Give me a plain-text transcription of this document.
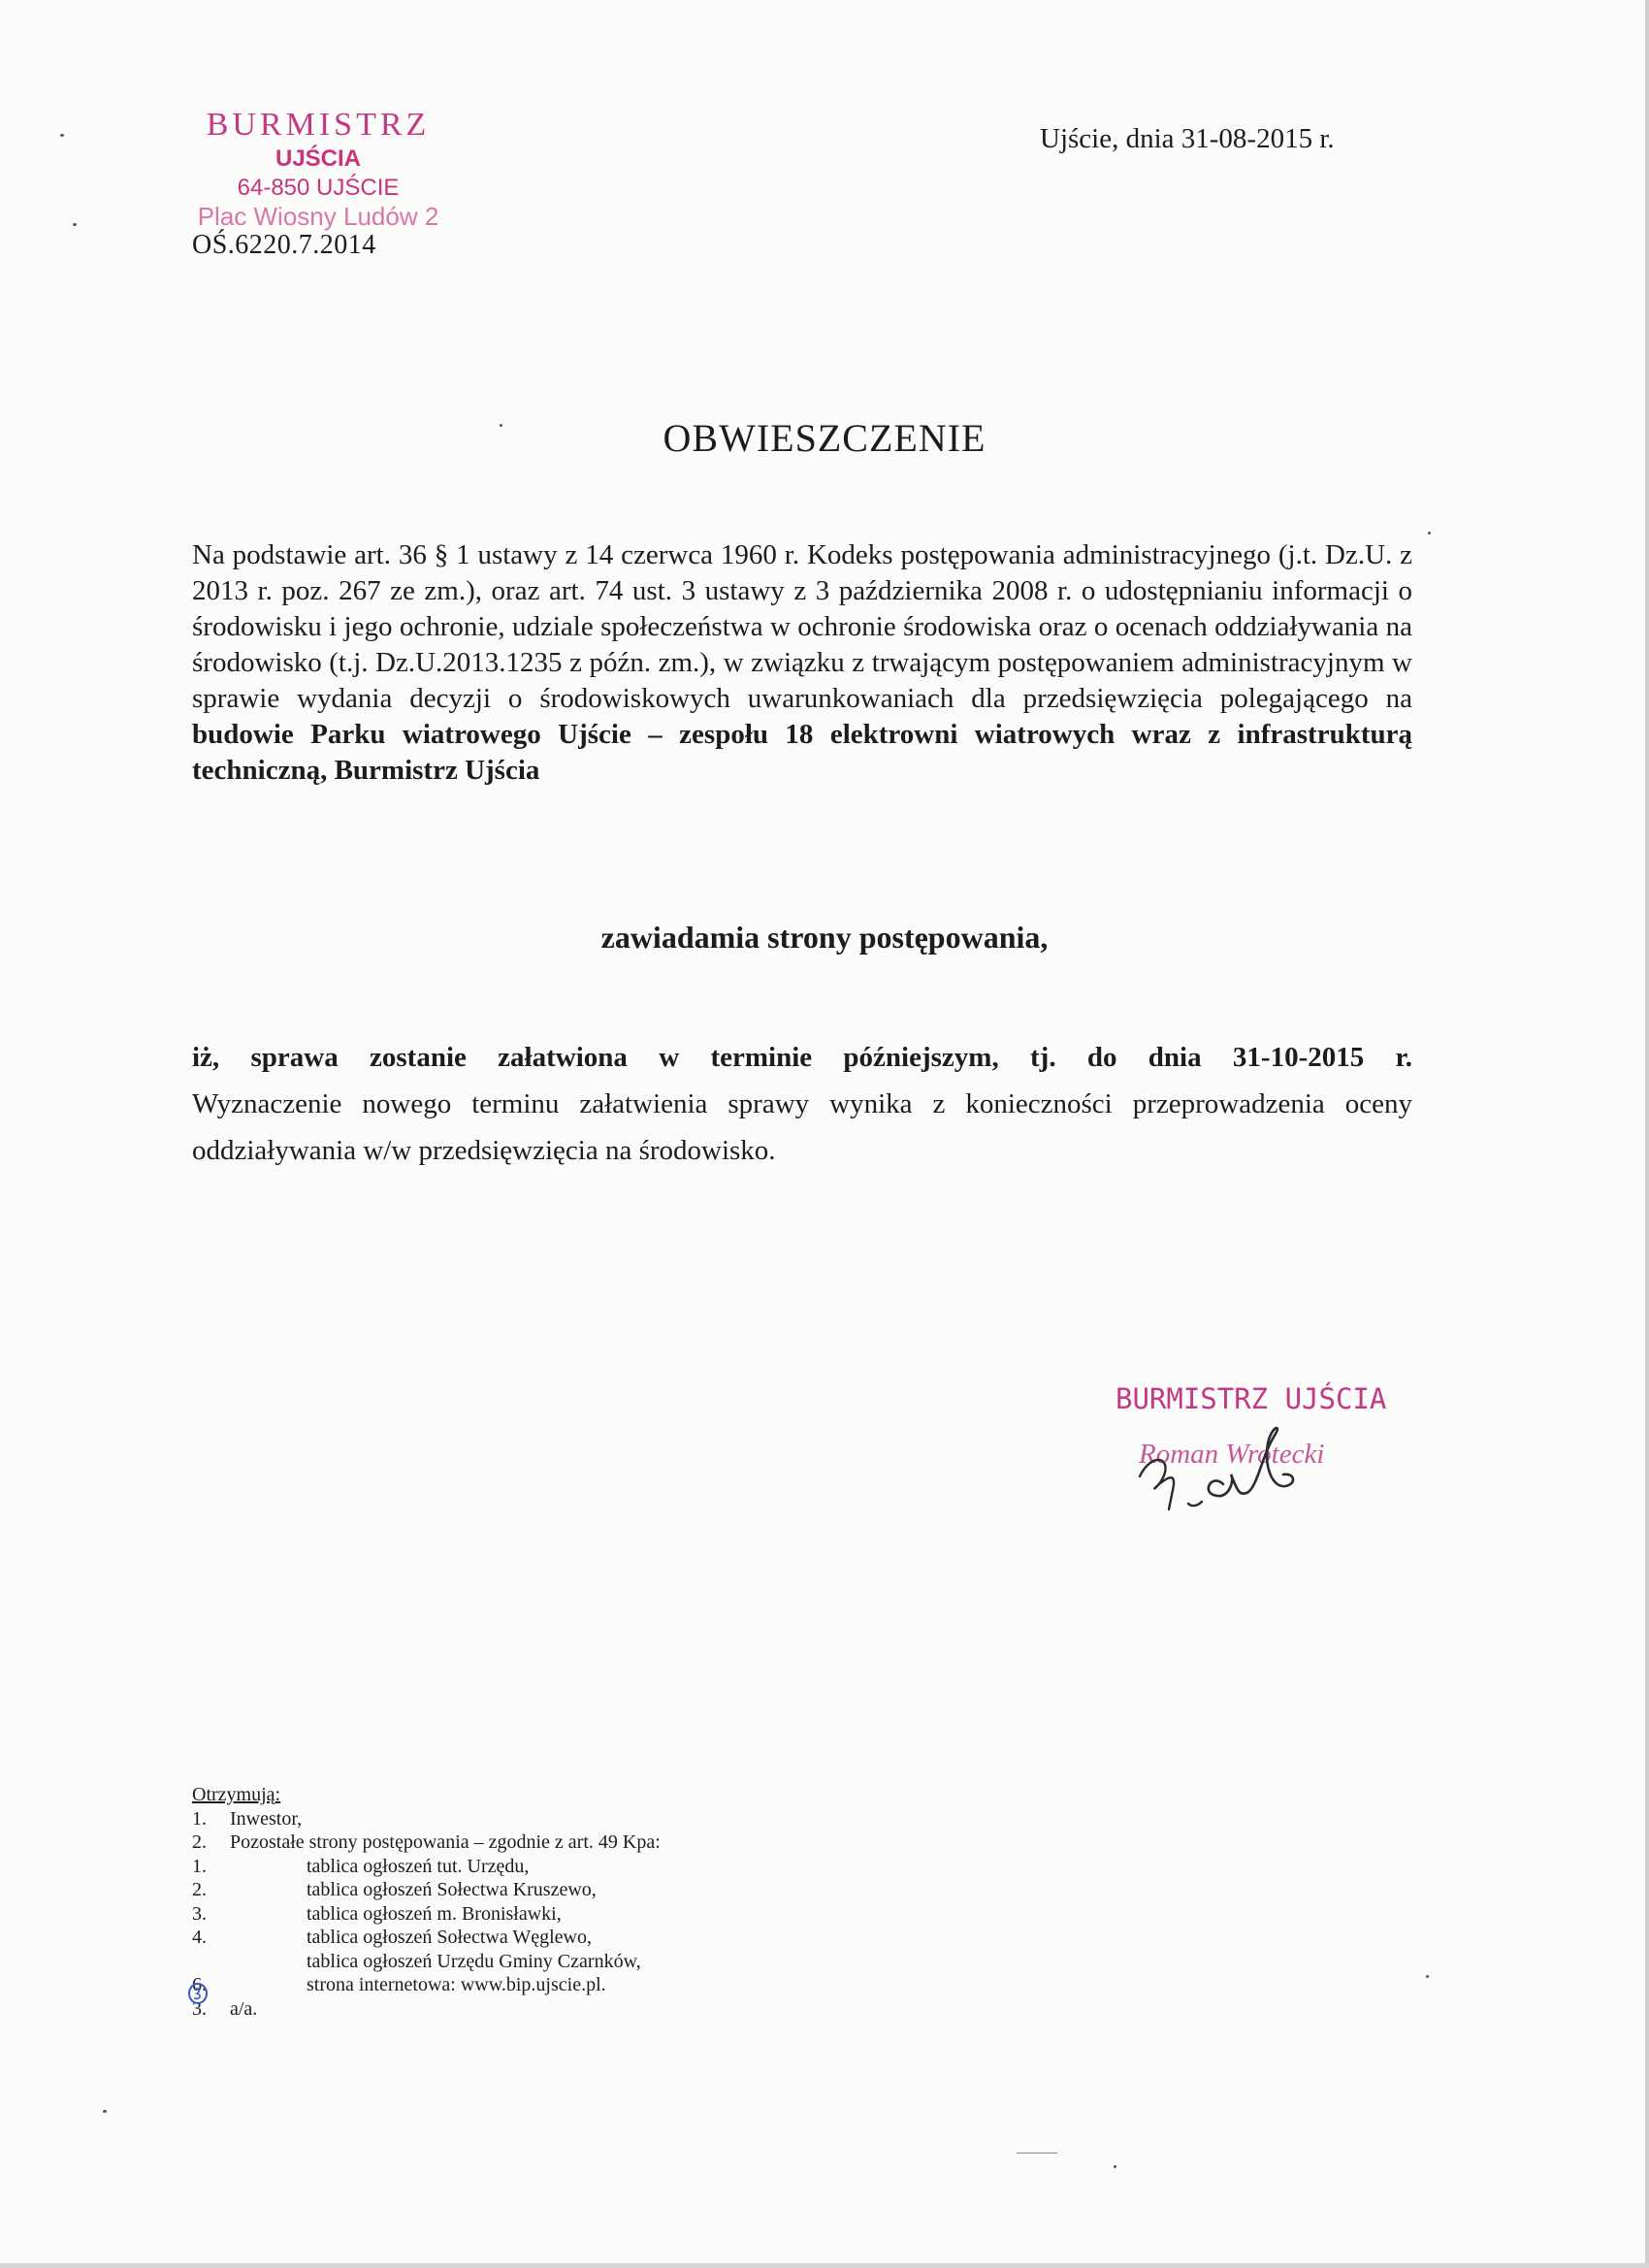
BURMISTRZ
UJŚCIA
64-850 UJŚCIE
Plac Wiosny Ludów 2
OŚ.6220.7.2014
Ujście, dnia 31-08-2015 r.
OBWIESZCZENIE
Na podstawie art. 36 § 1 ustawy z 14 czerwca 1960 r. Kodeks postępowania administracyjnego (j.t. Dz.U. z 2013 r. poz. 267 ze zm.), oraz art. 74 ust. 3 ustawy z 3 października 2008 r. o udostępnianiu informacji o środowisku i jego ochronie, udziale społeczeństwa w ochronie środowiska oraz o ocenach oddziaływania na środowisko (t.j. Dz.U.2013.1235 z późn. zm.), w związku z trwającym postępowaniem administracyjnym w sprawie wydania decyzji o środowiskowych uwarunkowaniach dla przedsięwzięcia polegającego na budowie Parku wiatrowego Ujście – zespołu 18 elektrowni wiatrowych wraz z infrastrukturą techniczną, Burmistrz Ujścia
zawiadamia strony postępowania,
iż, sprawa zostanie załatwiona w terminie późniejszym, tj. do dnia 31-10-2015 r.
Wyznaczenie nowego terminu załatwienia sprawy wynika z konieczności przeprowadzenia oceny oddziaływania w/w przedsięwzięcia na środowisko.
BURMISTRZ UJŚCIA
Roman Wrotecki
Otrzymują:
1.	Inwestor,
2.	Pozostałe strony postępowania – zgodnie z art. 49 Kpa:
1.	tablica ogłoszeń tut. Urzędu,
2.	tablica ogłoszeń Sołectwa Kruszewo,
3.	tablica ogłoszeń m. Bronisławki,
4.	tablica ogłoszeń Sołectwa Węglewo,
tablica ogłoszeń Urzędu Gminy Czarnków,
6.	strona internetowa: www.bip.ujscie.pl.
3.	a/a.
